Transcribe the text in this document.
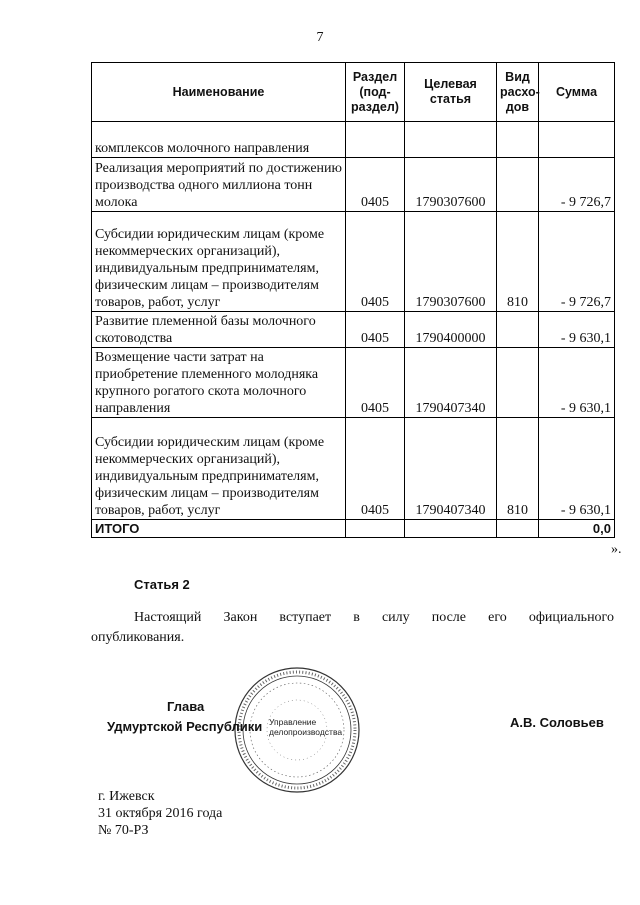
7
Наименование	Раздел (под-раздел)	Целевая статья	Вид расхо-дов	Сумма
комплексов молочного направления				
Реализация мероприятий по достижению производства одного миллиона тонн молока	0405	1790307600		- 9 726,7
Субсидии юридическим лицам (кроме некоммерческих организаций), индивидуальным предпринимателям, физическим лицам – производителям товаров, работ, услуг	0405	1790307600	810	- 9 726,7
Развитие племенной базы молочного скотоводства	0405	1790400000		- 9 630,1
Возмещение части затрат на приобретение племенного молодняка крупного рогатого скота молочного направления	0405	1790407340		- 9 630,1
Субсидии юридическим лицам (кроме некоммерческих организаций), индивидуальным предпринимателям, физическим лицам – производителям товаров, работ, услуг	0405	1790407340	810	- 9 630,1
ИТОГО				0,0
».
Статья 2
Настоящий Закон вступает в силу после его официального
опубликования.
Управление делопроизводства
Глава
Удмуртской Республики	А.В. Соловьев
г. Ижевск
31 октября 2016 года
№ 70-РЗ
